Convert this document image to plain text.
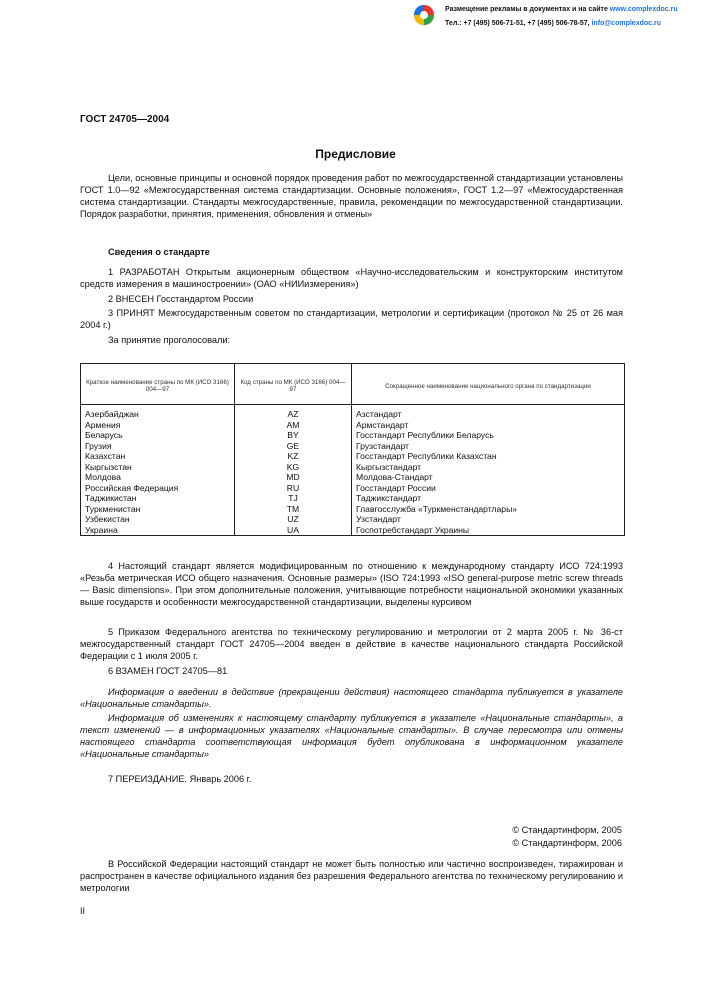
Размещение рекламы в документах и на сайте www.complexdoc.ru
Тел.: +7 (495) 506-71-51, +7 (495) 506-78-57, info@complexdoc.ru
ГОСТ 24705—2004
Предисловие
Цели, основные принципы и основной порядок проведения работ по межгосударственной стандартизации установлены ГОСТ 1.0—92 «Межгосударственная система стандартизации. Основные положения», ГОСТ 1.2—97 «Межгосударственная система стандартизации. Стандарты межгосударственные, правила, рекомендации по межгосударственной стандартизации. Порядок разработки, принятия, применения, обновления и отмены»
Сведения о стандарте
1 РАЗРАБОТАН Открытым акционерным обществом «Научно-исследовательским и конструкторским институтом средств измерения в машиностроении» (ОАО «НИИизмерения»)
2 ВНЕСЕН Госстандартом России
3 ПРИНЯТ Межгосударственным советом по стандартизации, метрологии и сертификации (протокол № 25 от 26 мая 2004 г.)
За принятие проголосовали:
Краткое наименование страны по МК (ИСО 3166) 004—97	Код страны по МК (ИСО 3166) 004—97	Сокращенное наименование национального органа по стандартизации
Азербайджан	AZ	Азстандарт
Армения	AM	Армстандарт
Беларусь	BY	Госстандарт Республики Беларусь
Грузия	GE	Грузстандарт
Казахстан	KZ	Госстандарт Республики Казахстан
Кыргызстан	KG	Кыргызстандарт
Молдова	MD	Молдова-Стандарт
Российская Федерация	RU	Госстандарт России
Таджикистан	TJ	Таджикстандарт
Туркменистан	TM	Главгосслужба «Туркменстандартлары»
Узбекистан	UZ	Узстандарт
Украина	UA	Госпотребстандарт Украины
4 Настоящий стандарт является модифицированным по отношению к международному стандарту ИСО 724:1993 «Резьба метрическая ИСО общего назначения. Основные размеры» (ISO 724:1993 «ISO general-purpose metric screw threads — Basic dimensions». При этом дополнительные положения, учитывающие потребности национальной экономики указанных выше государств и особенности межгосударственной стандартизации, выделены курсивом
5 Приказом Федерального агентства по техническому регулированию и метрологии от 2 марта 2005 г. № 36-ст межгосударственный стандарт ГОСТ 24705—2004 введен в действие в качестве национального стандарта Российской Федерации с 1 июля 2005 г.
6 ВЗАМЕН ГОСТ 24705—81
Информация о введении в действие (прекращении действия) настоящего стандарта публикуется в указателе «Национальные стандарты».
Информация об изменениях к настоящему стандарту публикуется в указателе «Национальные стандарты», а текст изменений — в информационных указателях «Национальные стандарты». В случае пересмотра или отмены настоящего стандарта соответствующая информация будет опубликована в информационном указателе «Национальные стандарты»
7 ПЕРЕИЗДАНИЕ. Январь 2006 г.
© Стандартинформ, 2005
© Стандартинформ, 2006
В Российской Федерации настоящий стандарт не может быть полностью или частично воспроизведен, тиражирован и распространен в качестве официального издания без разрешения Федерального агентства по техническому регулированию и метрологии
II
